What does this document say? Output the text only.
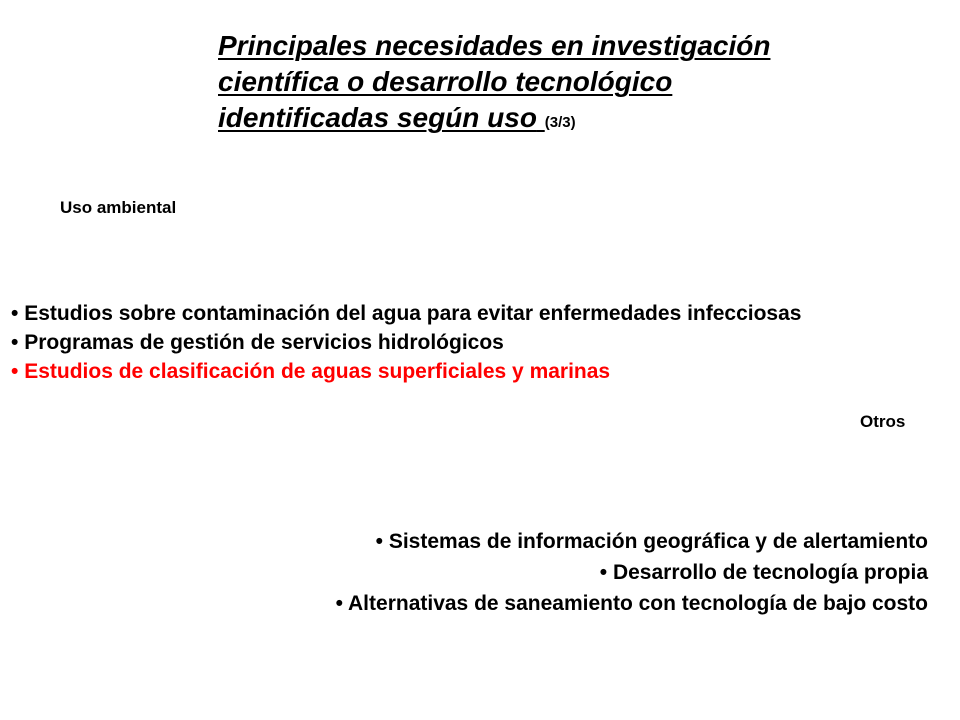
Principales necesidades en investigación
científica o desarrollo tecnológico
identificadas según uso (3/3)
Uso ambiental
• Estudios sobre contaminación del agua para evitar enfermedades infecciosas
• Programas de gestión de servicios hidrológicos
• Estudios de clasificación de aguas superficiales y marinas
Otros
• Sistemas de información geográfica y de alertamiento
• Desarrollo de tecnología propia
• Alternativas de saneamiento con tecnología de bajo costo
